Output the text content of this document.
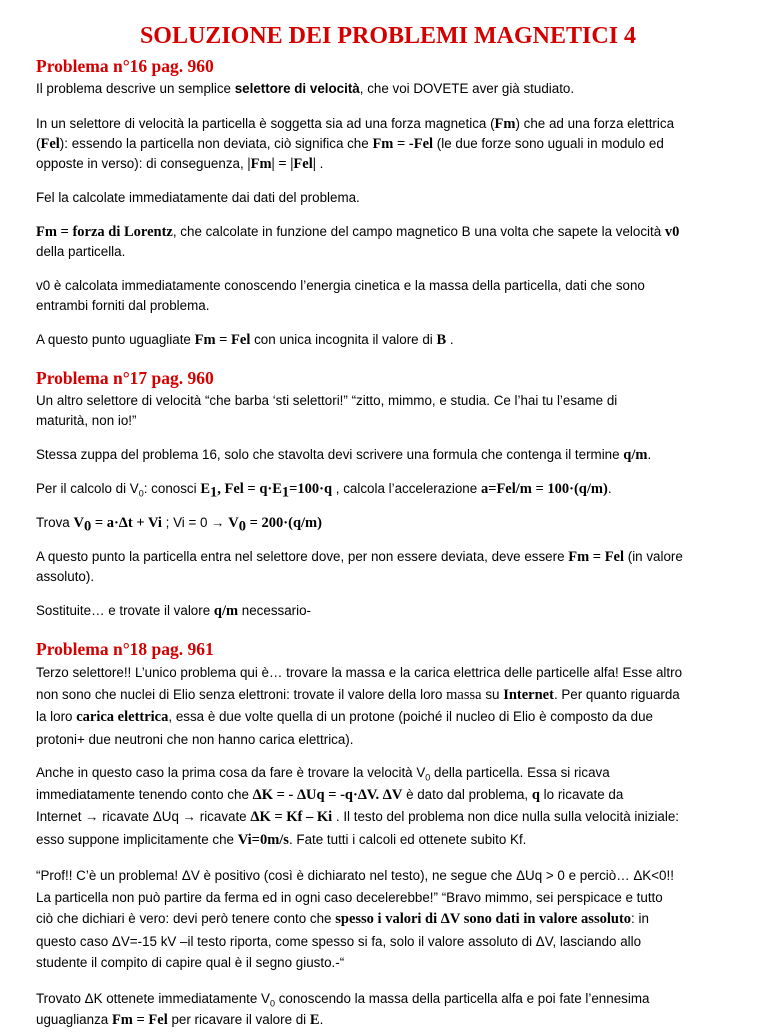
SOLUZIONE DEI PROBLEMI MAGNETICI 4
Problema n°16 pag. 960

Il problema descrive un semplice selettore di velocità, che voi DOVETE aver già studiato.

In un selettore di velocità la particella è soggetta sia ad una forza magnetica (Fm) che ad una forza elettrica
(Fel): essendo la particella non deviata, ciò significa che Fm = -Fel (le due forze sono uguali in modulo ed
opposte in verso): di conseguenza, |Fm| = |Fel| .

Fel la calcolate immediatamente dai dati del problema.

Fm = forza di Lorentz, che calcolate in funzione del campo magnetico B una volta che sapete la velocità v0
della particella.

v0 è calcolata immediatamente conoscendo l’energia cinetica e la massa della particella, dati che sono
entrambi forniti dal problema.

A questo punto uguagliate Fm = Fel con unica incognita il valore di B .

Problema n°17 pag. 960

Un altro selettore di velocità “che barba ‘sti selettori!” “zitto, mimmo, e studia. Ce l’hai tu l’esame di
maturità, non io!”

Stessa zuppa del problema 16, solo che stavolta devi scrivere una formula che contenga il termine q/m.

Per il calcolo di $V_0$: conosci $E_1$, Fel = $q\cdot E_1=100\cdot q$ , calcola l’accelerazione a=Fel/m = 100·(q/m).

Trova $V_0 = a\cdot\Delta t + Vi$ ; $Vi = 0 \to V_0 = 200\cdot(q/m)$

A questo punto la particella entra nel selettore dove, per non essere deviata, deve essere Fm = Fel (in valore
assoluto).

Sostituite… e trovate il valore q/m necessario-

Problema n°18 pag. 961

Terzo selettore!! L’unico problema qui è… trovare la massa e la carica elettrica delle particelle alfa! Esse altro
non sono che nuclei di Elio senza elettroni: trovate il valore della loro massa su Internet. Per quanto riguarda
la loro carica elettrica, essa è due volte quella di un protone (poiché il nucleo di Elio è composto da due
protoni+ due neutroni che non hanno carica elettrica).

Anche in questo caso la prima cosa da fare è trovare la velocità $V_0$ della particella. Essa si ricava
immediatamente tenendo conto che ΔK = - ΔUq = -q·ΔV. ΔV è dato dal problema, q lo ricavate da
Internet → ricavate ΔUq → ricavate ΔK = Kf – Ki . Il testo del problema non dice nulla sulla velocità iniziale:
esso suppone implicitamente che Vi=0m/s. Fate tutti i calcoli ed ottenete subito Kf.

“Prof!! C’è un problema! ΔV è positivo (così è dichiarato nel testo), ne segue che ΔUq > 0 e perciò… ΔK<0!!
La particella non può partire da ferma ed in ogni caso decelerebbe!” “Bravo mimmo, sei perspicace e tutto
ciò che dichiari è vero: devi però tenere conto che spesso i valori di ΔV sono dati in valore assoluto: in
questo caso ΔV=-15 kV –il testo riporta, come spesso si fa, solo il valore assoluto di ΔV, lasciando allo
studente il compito di capire qual è il segno giusto.-“

Trovato ΔK ottenete immediatamente $V_0$ conoscendo la massa della particella alfa e poi fate l’ennesima
uguaglianza Fm = Fel per ricavare il valore di E.
